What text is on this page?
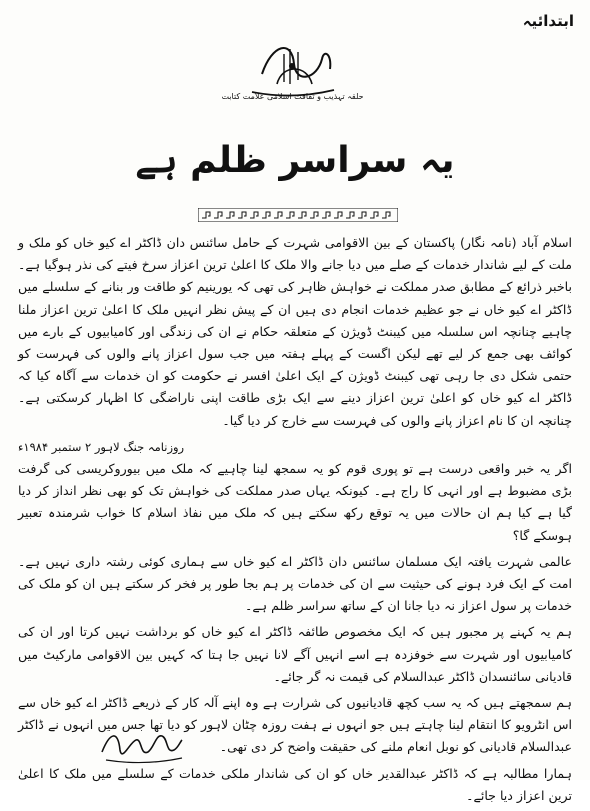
ابتدائیہ
حلقہ تہذیب و ثقافت اسلامی علامت کتابت
یہ سراسر ظلم ہے

اسلام آباد (نامہ نگار) پاکستان کے بین الاقوامی شہرت کے حامل سائنس دان ڈاکٹر اے کیو خاں کو ملک و ملت کے لیے شاندار خدمات کے صلے میں دیا جانے والا ملک کا اعلیٰ ترین اعزاز سرخ فیتے کی نذر ہوگیا ہے۔ باخبر ذرائع کے مطابق صدر مملکت نے خواہش ظاہر کی تھی کہ یورینیم کو طاقت ور بنانے کے سلسلے میں ڈاکٹر اے کیو خاں نے جو عظیم خدمات انجام دی ہیں ان کے پیش نظر انہیں ملک کا اعلیٰ ترین اعزاز ملنا چاہیے چنانچہ اس سلسلہ میں کیبنٹ ڈویژن کے متعلقہ حکام نے ان کی زندگی اور کامیابیوں کے بارے میں کوائف بھی جمع کر لیے تھے لیکن اگست کے پہلے ہفتہ میں جب سول اعزاز پانے والوں کی فہرست کو حتمی شکل دی جا رہی تھی کیبنٹ ڈویژن کے ایک اعلیٰ افسر نے حکومت کو ان خدمات سے آگاہ کیا کہ ڈاکٹر اے کیو خاں کو اعلیٰ ترین اعزاز دینے سے ایک بڑی طاقت اپنی ناراضگی کا اظہار کرسکتی ہے۔ چنانچہ ان کا نام اعزاز پانے والوں کی فہرست سے خارج کر دیا گیا۔

روزنامہ جنگ لاہور ۲ ستمبر ۱۹۸۴ء

اگر یہ خبر واقعی درست ہے تو پوری قوم کو یہ سمجھ لینا چاہیے کہ ملک میں بیوروکریسی کی گرفت بڑی مضبوط ہے اور انہی کا راج ہے۔ کیونکہ یہاں صدر مملکت کی خواہش تک کو بھی نظر انداز کر دیا گیا ہے کیا ہم ان حالات میں یہ توقع رکھ سکتے ہیں کہ ملک میں نفاذ اسلام کا خواب شرمندہ تعبیر ہوسکے گا؟

عالمی شہرت یافتہ ایک مسلمان سائنس دان ڈاکٹر اے کیو خاں سے ہماری کوئی رشتہ داری نہیں ہے۔ امت کے ایک فرد ہونے کی حیثیت سے ان کی خدمات پر ہم بجا طور پر فخر کر سکتے ہیں ان کو ملک کی خدمات پر سول اعزاز نہ دیا جانا ان کے ساتھ سراسر ظلم ہے۔

ہم یہ کہنے پر مجبور ہیں کہ ایک مخصوص طائفہ ڈاکٹر اے کیو خاں کو برداشت نہیں کرتا اور ان کی کامیابیوں اور شہرت سے خوفزدہ ہے اسے انہیں آگے لانا نہیں جا ہتا کہ کہیں بین الاقوامی مارکیٹ میں قادیانی سائنسدان ڈاکٹر عبدالسلام کی قیمت نہ گر جائے۔

ہم سمجھتے ہیں کہ یہ سب کچھ قادیانیوں کی شرارت ہے وہ اپنے آلہ کار کے ذریعے ڈاکٹر اے کیو خاں سے اس انٹرویو کا انتقام لینا چاہتے ہیں جو انہوں نے ہفت روزہ چٹان لاہور کو دیا تھا جس میں انہوں نے ڈاکٹر عبدالسلام قادیانی کو نوبل انعام ملنے کی حقیقت واضح کر دی تھی۔

ہمارا مطالبہ ہے کہ ڈاکٹر عبدالقدیر خاں کو ان کی شاندار ملکی خدمات کے سلسلے میں ملک کا اعلیٰ ترین اعزاز دیا جائے۔
